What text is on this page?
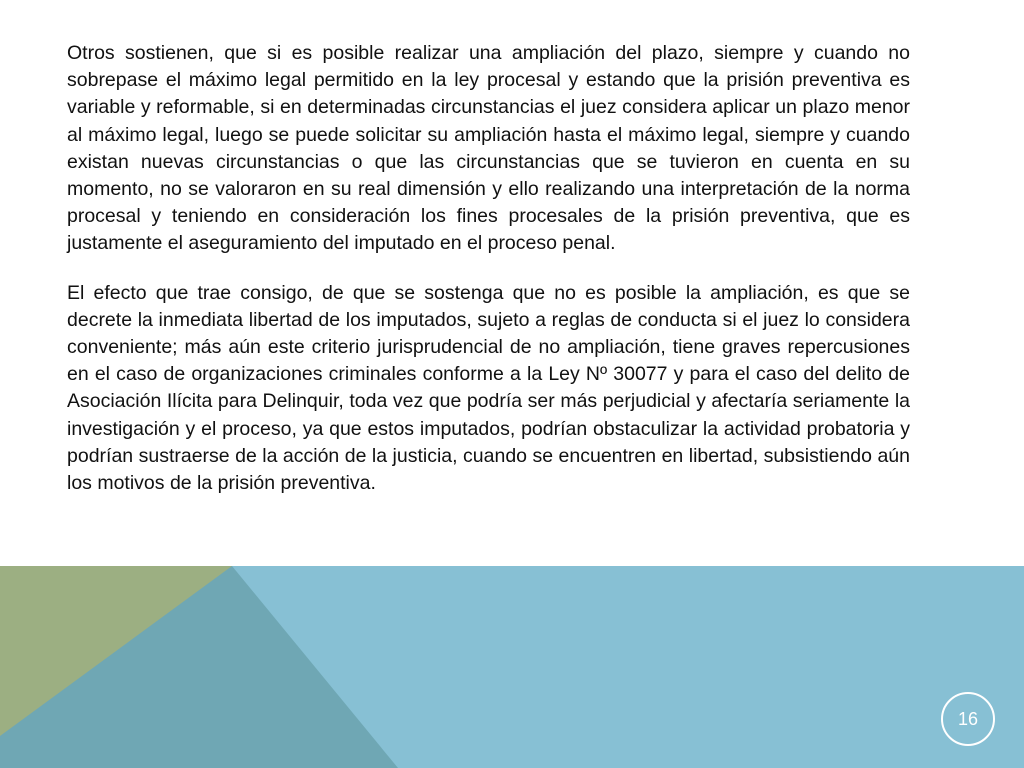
Otros sostienen, que si es posible realizar una ampliación del plazo, siempre y cuando no sobrepase el máximo legal permitido en la ley procesal y estando que la prisión preventiva es variable y reformable, si en determinadas circunstancias el juez considera aplicar un plazo menor al máximo legal, luego se puede solicitar su ampliación hasta el máximo legal, siempre y cuando existan nuevas circunstancias o que las circunstancias que se tuvieron en cuenta en su momento, no se valoraron en su real dimensión y ello realizando una interpretación de la norma procesal y teniendo en consideración los fines procesales de la prisión preventiva, que es justamente el aseguramiento del imputado en el proceso penal.

El efecto que trae consigo, de que se sostenga que no es posible la ampliación, es que se decrete la inmediata libertad de los imputados, sujeto a reglas de conducta si el juez lo considera conveniente; más aún este criterio jurisprudencial de no ampliación, tiene graves repercusiones en el caso de organizaciones criminales conforme a la Ley Nº 30077 y para el caso del delito de Asociación Ilícita para Delinquir, toda vez que podría ser más perjudicial y afectaría seriamente la investigación y el proceso, ya que estos imputados, podrían obstaculizar la actividad probatoria y podrían sustraerse de la acción de la justicia, cuando se encuentren en libertad, subsistiendo aún los motivos de la prisión preventiva.

16
